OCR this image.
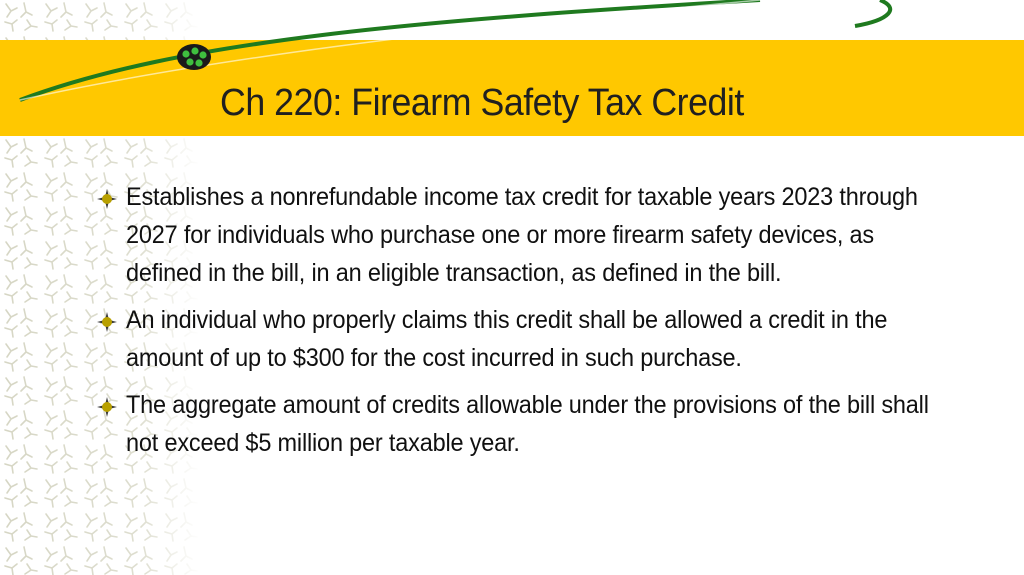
Ch 220: Firearm Safety Tax Credit
Establishes a nonrefundable income tax credit for taxable years 2023 through 2027 for individuals who purchase one or more firearm safety devices, as defined in the bill, in an eligible transaction, as defined in the bill.
An individual who properly claims this credit shall be allowed a credit in the amount of up to $300 for the cost incurred in such purchase.
The aggregate amount of credits allowable under the provisions of the bill shall not exceed $5 million per taxable year.
